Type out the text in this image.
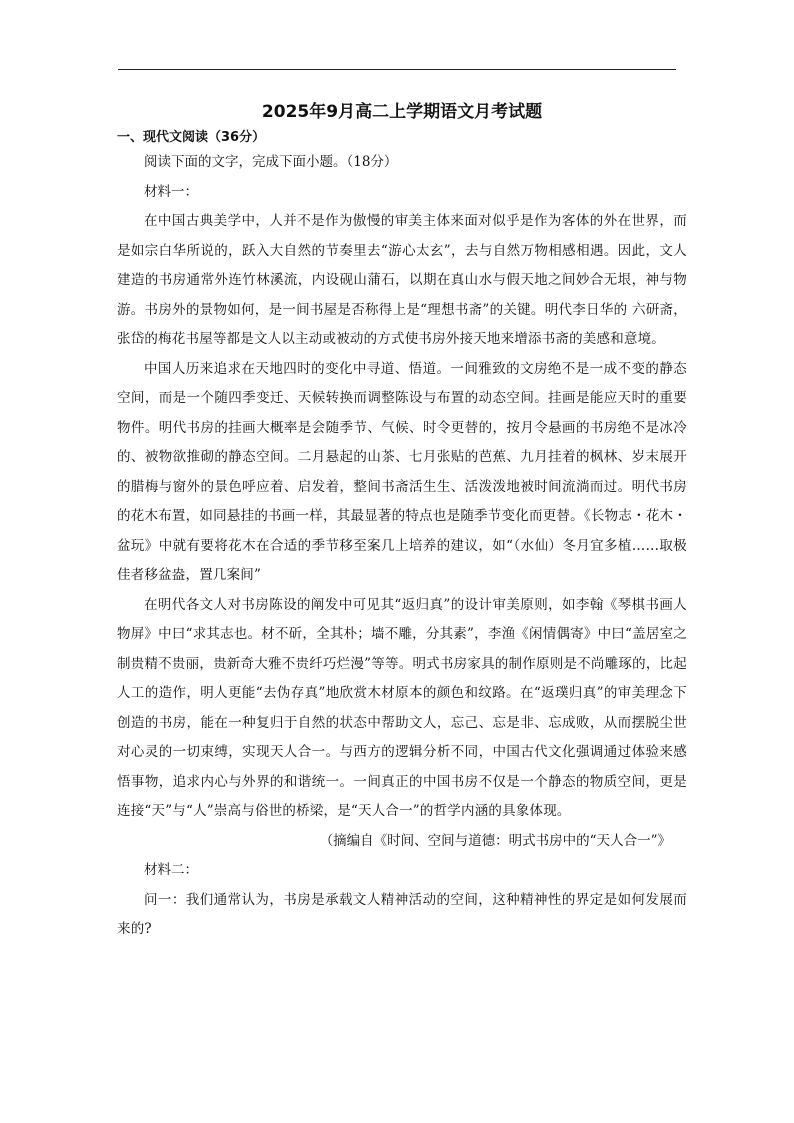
2025年9月高二上学期语文月考试题
一、现代文阅读（36分）

阅读下面的文字，完成下面小题。（18分）

材料一：

在中国古典美学中，人并不是作为傲慢的审美主体来面对似乎是作为客体的外在世界，而是如宗白华所说的，跃入大自然的节奏里去“游心太玄”，去与自然万物相感相遇。因此，文人建造的书房通常外连竹林溪流，内设砚山蒲石，以期在真山水与假天地之间妙合无垠，神与物游。书房外的景物如何，是一间书屋是否称得上是“理想书斋”的关键。明代李日华的 六研斋，张岱的梅花书屋等都是文人以主动或被动的方式使书房外接天地来增添书斋的美感和意境。

中国人历来追求在天地四时的变化中寻道、悟道。一间雅致的文房绝不是一成不变的静态空间，而是一个随四季变迁、天候转换而调整陈设与布置的动态空间。挂画是能应天时的重要物件。明代书房的挂画大概率是会随季节、气候、时令更替的，按月令悬画的书房绝不是冰冷的、被物欲推砌的静态空间。二月悬起的山茶、七月张贴的芭蕉、九月挂着的枫林、岁末展开的腊梅与窗外的景色呼应着、启发着，整间书斋活生生、活泼泼地被时间流淌而过。明代书房的花木布置，如同悬挂的书画一样，其最显著的特点也是随季节变化而更替。《长物志・花木・盆玩》中就有要将花木在合适的季节移至案几上培养的建议，如“（水仙）冬月宜多植……取极佳者移盆盎，置几案间”

在明代各文人对书房陈设的阐发中可见其“返归真”的设计审美原则，如李翰《琴棋书画人物屏》中曰“求其志也。材不斫，全其朴；墙不雕，分其素”，李渔《闲情偶寄》中曰“盖居室之制贵精不贵丽，贵新奇大雅不贵纤巧烂漫”等等。明式书房家具的制作原则是不尚雕琢的，比起人工的造作，明人更能“去伪存真”地欣赏木材原本的颜色和纹路。在“返璞归真”的审美理念下创造的书房，能在一种复归于自然的状态中帮助文人，忘己、忘是非、忘成败，从而摆脱尘世对心灵的一切束缚，实现天人合一。与西方的逻辑分析不同，中国古代文化强调通过体验来感悟事物，追求内心与外界的和谐统一。一间真正的中国书房不仅是一个静态的物质空间，更是连接“天”与“人”崇高与俗世的桥梁，是“天人合一”的哲学内涵的具象体现。

（摘编自《时间、空间与道德：明式书房中的“天人合一”》

材料二：

问一：我们通常认为，书房是承载文人精神活动的空间，这种精神性的界定是如何发展而来的?
